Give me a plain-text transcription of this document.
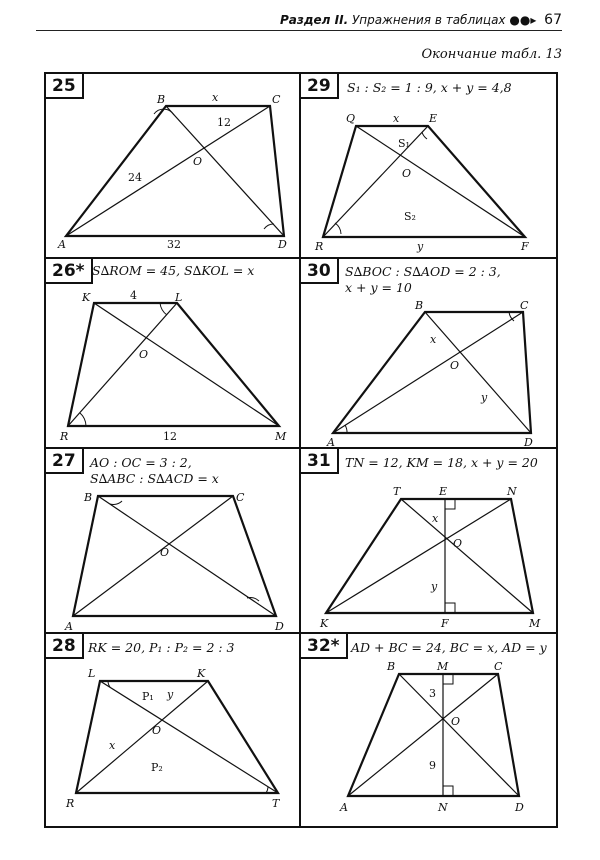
Раздел II. Упражнения в таблицах ●●▸ 67
Окончание табл. 13
A
B	C
D
O
x
12
24
32
25
R
Q	E
F
O
x
y
S₁
S₂
29	S₁ : S₂ = 1 : 9, x + y = 4,8
R
K	L
M
O
4
12
26* S∆ROM = 45, S∆KOL = x
A
B	C
D
O
x
y
30	S∆BOC : S∆AOD = 2 : 3,
x + y = 10
A
B	C
D
O
27	AO : OC = 3 : 2,
S∆ABC : S∆ACD = x
T	E	N
K	F	M
O
x
y
31	TN = 12, KM = 18, x + y = 20
R
L	K
T
O
x
y
P₁
P₂
28 RK = 20, P₁ : P₂ = 2 : 3
B	M	C
A	N	D
O
3
9
32* AD + BC = 24, BC = x, AD = y
